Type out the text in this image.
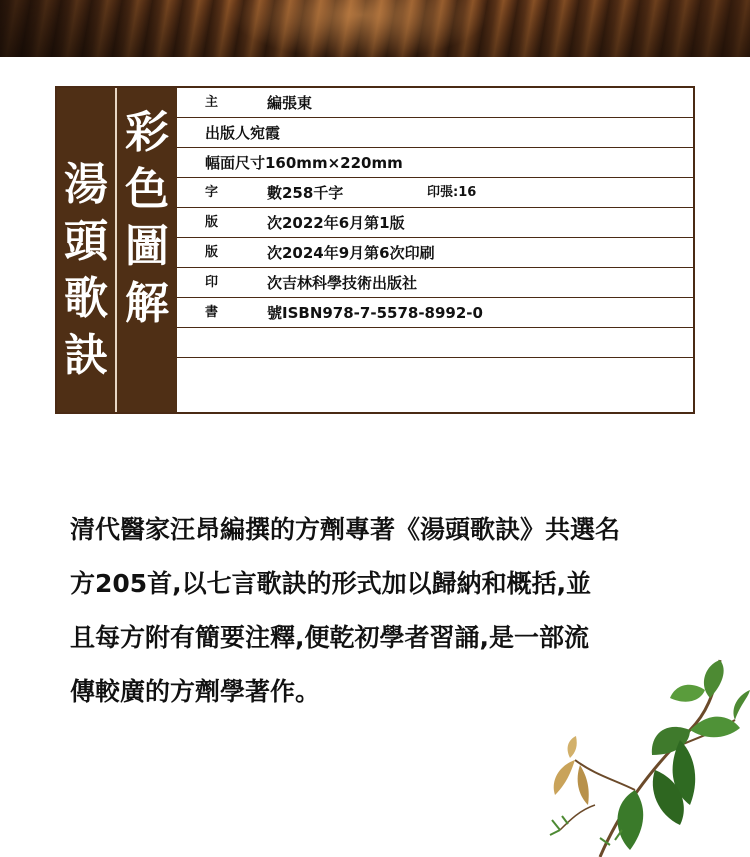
湯
頭
歌
訣
彩
色
圖
解
主	編張東
出版人宛霞
幅面尺寸160mm×220mm
字	數258千字	印張:16
版	次2022年6月第1版
版	次2024年9月第6次印刷
印	次吉林科學技術出版社
書	號ISBN978-7-5578-8992-0
清代醫家汪昂編撰的方劑專著《湯頭歌訣》共選名
方205首,以七言歌訣的形式加以歸納和概括,並
且每方附有簡要注釋,便乾初學者習誦,是一部流
傳較廣的方劑學著作。
